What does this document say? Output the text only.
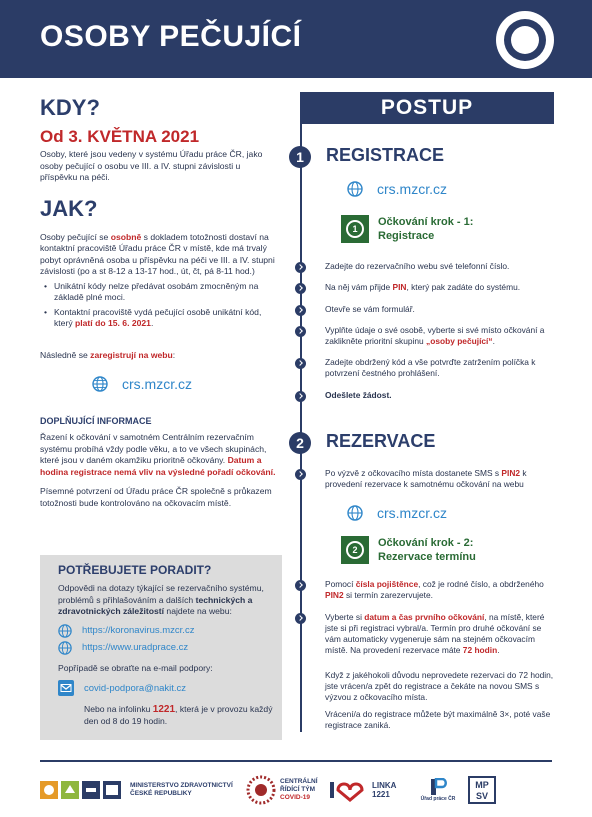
OSOBY PEČUJÍCÍ
KDY?
Od 3. KVĚTNA 2021

Osoby, které jsou vedeny v systému Úřadu práce ČR, jako osoby pečující o osobu ve III. a IV. stupni závislosti u příspěvku na péči.

JAK?

Osoby pečující se osobně s dokladem totožnosti dostaví na kontaktní pracoviště Úřadu práce ČR v místě, kde má trvalý pobyt oprávněná osoba u příspěvku na péči ve III. a IV. stupni závislosti (po a st 8-12 a 13-17 hod., út, čt, pá 8-11 hod.)

• Unikátní kódy nelze předávat osobám zmocněným na základě plné moci.
• Kontaktní pracoviště vydá pečující osobě unikátní kód, který platí do 15. 6. 2021.

Následně se zaregistrují na webu:

crs.mzcr.cz
DOPLŇUJÍCÍ INFORMACE

Řazení k očkování v samotném Centrálním rezervačním systému probíhá vždy podle věku, a to ve všech skupinách, které jsou v daném okamžiku prioritně očkovány. Datum a hodina registrace nemá vliv na výsledné pořadí očkování.

Písemné potvrzení od Úřadu práce ČR společně s průkazem totožnosti bude kontrolováno na očkovacím místě.

POTŘEBUJETE PORADIT?

Odpovědi na dotazy týkající se rezervačního systému, problémů s přihlašováním a dalších technických a zdravotnických záležitostí najdete na webu:

https://koronavirus.mzcr.cz
https://www.uradprace.cz

Popřípadě se obraťte na e-mail podpory:

covid-podpora@nakit.cz

Nebo na infolinku 1221, která je v provozu každý den od 8 do 19 hodin.

POSTUP
1	REGISTRACE
crs.mzcr.cz
1
Očkování krok - 1:
Registrace
Zadejte do rezervačního webu své telefonní číslo.
Na něj vám přijde PIN, který pak zadáte do systému.
Otevře se vám formulář.
Vyplňte údaje o své osobě, vyberte si své místo očkování a zaklikněte prioritní skupinu „osoby pečující“.
Zadejte obdržený kód a vše potvrďte zatržením políčka k potvrzení čestného prohlášení.
Odešlete žádost.
2	REZERVACE
Po výzvě z očkovacího místa dostanete SMS s PIN2 k provedení rezervace k samotnému očkování na webu
crs.mzcr.cz
2
Očkování krok - 2:
Rezervace termínu
Pomocí čísla pojištěnce, což je rodné číslo, a obdrženého PIN2 si termín zarezervujete.
Vyberte si datum a čas prvního očkování, na místě, které jste si při registraci vybral/a. Termín pro druhé očkování se vám automaticky vygeneruje sám na stejném očkovacím místě. Na provedení rezervace máte 72 hodin.
Když z jakéhokoli důvodu neprovedete rezervaci do 72 hodin, jste vrácen/a zpět do registrace a čekáte na novou SMS s výzvou z očkovacího místa.
Vrácení/a do registrace můžete být maximálně 3×, poté vaše registrace zaniká.
MINISTERSTVO ZDRAVOTNICTVÍ
ČESKÉ REPUBLIKY
CENTRÁLNÍ
ŘÍDÍCÍ TÝM
COVID-19
LINKA
1221	Úřad práce ČR
MP
SV
